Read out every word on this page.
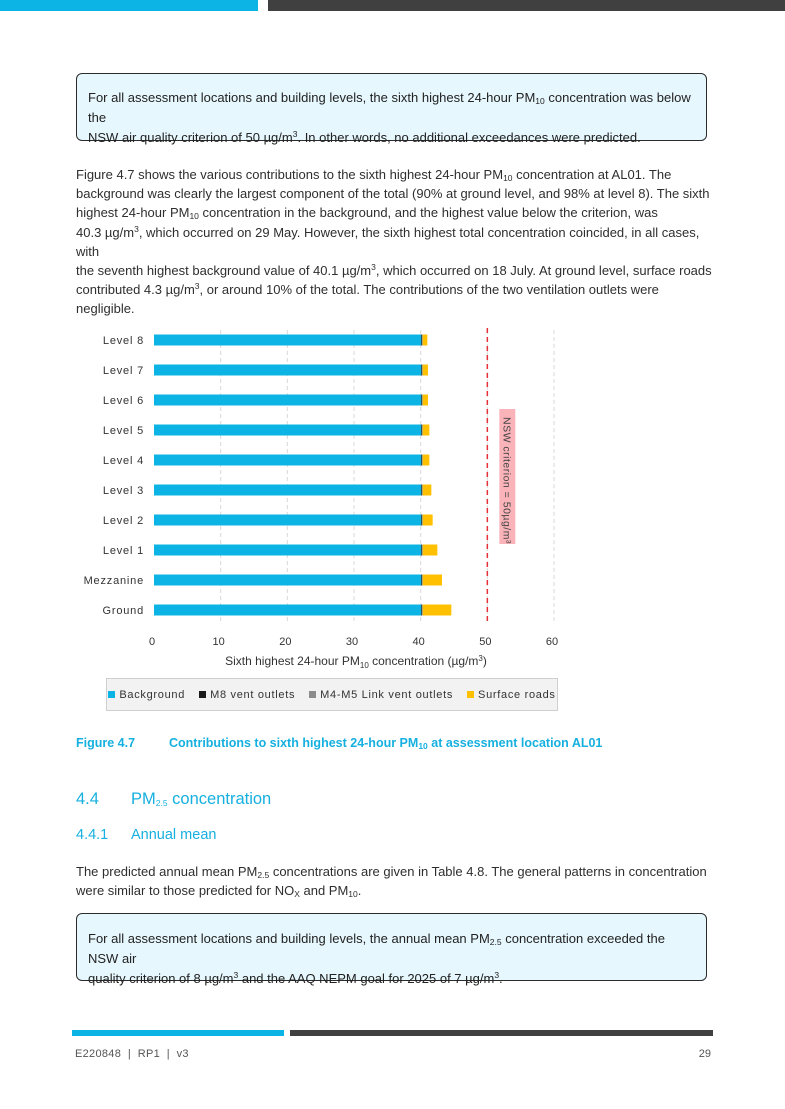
For all assessment locations and building levels, the sixth highest 24-hour $PM_{10}$ concentration was below the
NSW air quality criterion of 50 $\mu g/m^3$. In other words, no additional exceedances were predicted.
Figure 4.7 shows the various contributions to the sixth highest 24-hour $PM_{10}$ concentration at AL01. The
background was clearly the largest component of the total (90% at ground level, and 98% at level 8). The sixth
highest 24-hour $PM_{10}$ concentration in the background, and the highest value below the criterion, was
40.3 $\mu g/m^3$, which occurred on 29 May. However, the sixth highest total concentration coincided, in all cases, with
the seventh highest background value of 40.1 $\mu g/m^3$, which occurred on 18 July. At ground level, surface roads
contributed 4.3 $\mu g/m^3$, or around 10% of the total. The contributions of the two ventilation outlets were
negligible.
Level 8
Level 7
Level 6
Level 5
Level 4
Level 3
Level 2
Level 1
Mezzanine
Ground
NSW criterion = 50µg/m³
0	10	20	30	40	50	60
Sixth highest 24-hour $PM_{10}$ concentration $(\mu g/m^3)$
Background M8 vent outlets M4-M5 Link vent outlets Surface roads
Figure 4.7	Contributions to sixth highest 24-hour $PM_{10}$ at assessment location AL01
4.4 $PM_{2.5}$ concentration
4.4.1 Annual mean
The predicted annual mean $PM_{2.5}$ concentrations are given in Table 4.8. The general patterns in concentration
were similar to those predicted for $NO_X$ and $PM_{10}$.
For all assessment locations and building levels, the annual mean $PM_{2.5}$ concentration exceeded the NSW air
quality criterion of 8 $\mu g/m^3$ and the AAQ NEPM goal for 2025 of 7 $\mu g/m^3$.
E220848  |  RP1  |  v3	29
